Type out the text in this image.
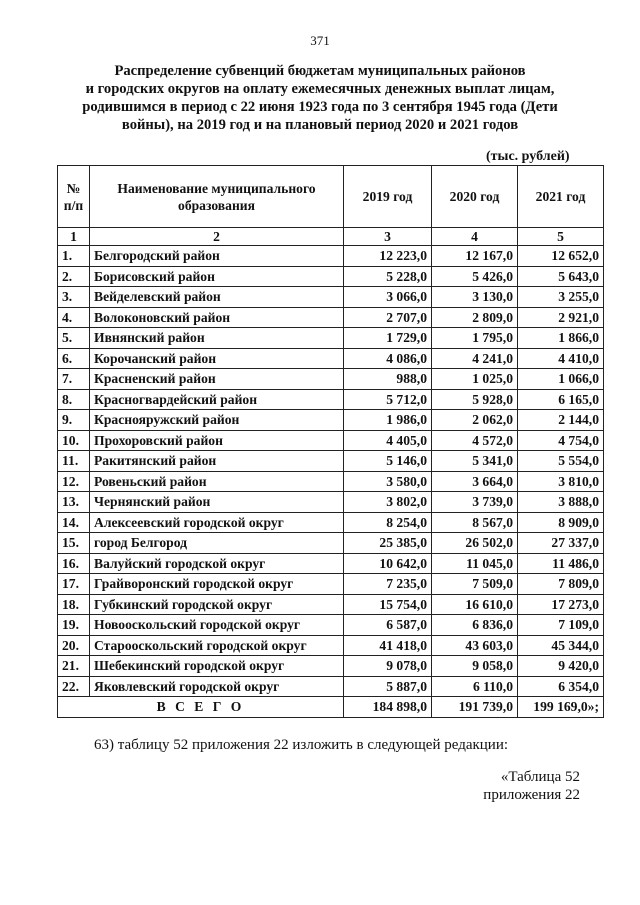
371
Распределение субвенций бюджетам муниципальных районов
и городских округов на оплату ежемесячных денежных выплат лицам,
родившимся в период с 22 июня 1923 года по 3 сентября 1945 года (Дети
войны), на 2019 год и на плановый период 2020 и 2021 годов
(тыс. рублей)
№ п/п	Наименование муниципального образования	2019 год	2020 год	2021 год
1	2	3	4	5
1.	Белгородский район	12 223,0	12 167,0	12 652,0
2.	Борисовский район	5 228,0	5 426,0	5 643,0
3.	Вейделевский район	3 066,0	3 130,0	3 255,0
4.	Волоконовский район	2 707,0	2 809,0	2 921,0
5.	Ивнянский район	1 729,0	1 795,0	1 866,0
6.	Корочанский район	4 086,0	4 241,0	4 410,0
7.	Красненский район	988,0	1 025,0	1 066,0
8.	Красногвардейский район	5 712,0	5 928,0	6 165,0
9.	Краснояружский район	1 986,0	2 062,0	2 144,0
10.	Прохоровский район	4 405,0	4 572,0	4 754,0
11.	Ракитянский район	5 146,0	5 341,0	5 554,0
12.	Ровеньский район	3 580,0	3 664,0	3 810,0
13.	Чернянский район	3 802,0	3 739,0	3 888,0
14.	Алексеевский городской округ	8 254,0	8 567,0	8 909,0
15.	город Белгород	25 385,0	26 502,0	27 337,0
16.	Валуйский городской округ	10 642,0	11 045,0	11 486,0
17.	Грайворонский городской округ	7 235,0	7 509,0	7 809,0
18.	Губкинский городской округ	15 754,0	16 610,0	17 273,0
19.	Новооскольский городской округ	6 587,0	6 836,0	7 109,0
20.	Старооскольский городской округ	41 418,0	43 603,0	45 344,0
21.	Шебекинский городской округ	9 078,0	9 058,0	9 420,0
22.	Яковлевский городской округ	5 887,0	6 110,0	6 354,0
В С Е Г О		184 898,0	191 739,0	199 169,0»;
63) таблицу 52 приложения 22 изложить в следующей редакции:
«Таблица 52
приложения 22
